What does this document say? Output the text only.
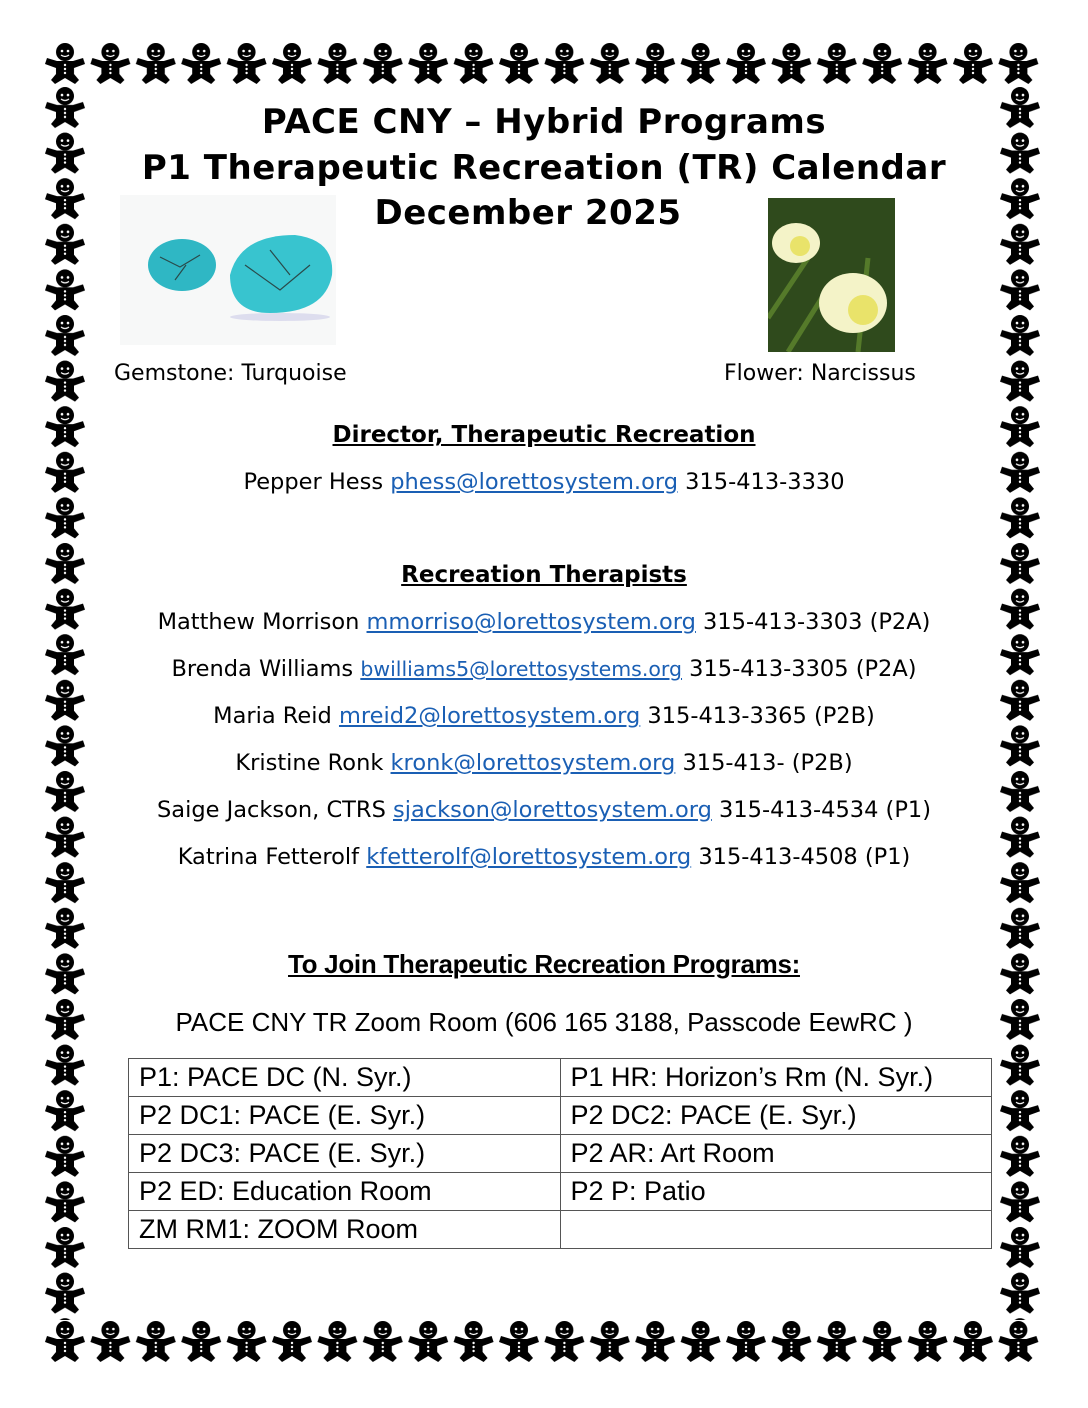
PACE CNY – Hybrid Programs
P1 Therapeutic Recreation (TR) Calendar
December 2025
Gemstone: Turquoise	Flower: Narcissus
Director, Therapeutic Recreation
Pepper Hess phess@lorettosystem.org 315-413-3330
Recreation Therapists
Matthew Morrison mmorriso@lorettosystem.org 315-413-3303 (P2A)
Brenda Williams bwilliams5@lorettosystems.org 315-413-3305 (P2A)
Maria Reid mreid2@lorettosystem.org 315-413-3365 (P2B)
Kristine Ronk kronk@lorettosystem.org 315-413- (P2B)
Saige Jackson, CTRS sjackson@lorettosystem.org 315-413-4534 (P1)
Katrina Fetterolf kfetterolf@lorettosystem.org 315-413-4508 (P1)
To Join Therapeutic Recreation Programs:
PACE CNY TR Zoom Room (606 165 3188, Passcode EewRC )
P1: PACE DC (N. Syr.)	P1 HR: Horizon’s Rm (N. Syr.)
P2 DC1: PACE (E. Syr.)	P2 DC2: PACE (E. Syr.)
P2 DC3: PACE (E. Syr.)	P2 AR: Art Room
P2 ED: Education Room	P2 P: Patio
ZM RM1: ZOOM Room	
